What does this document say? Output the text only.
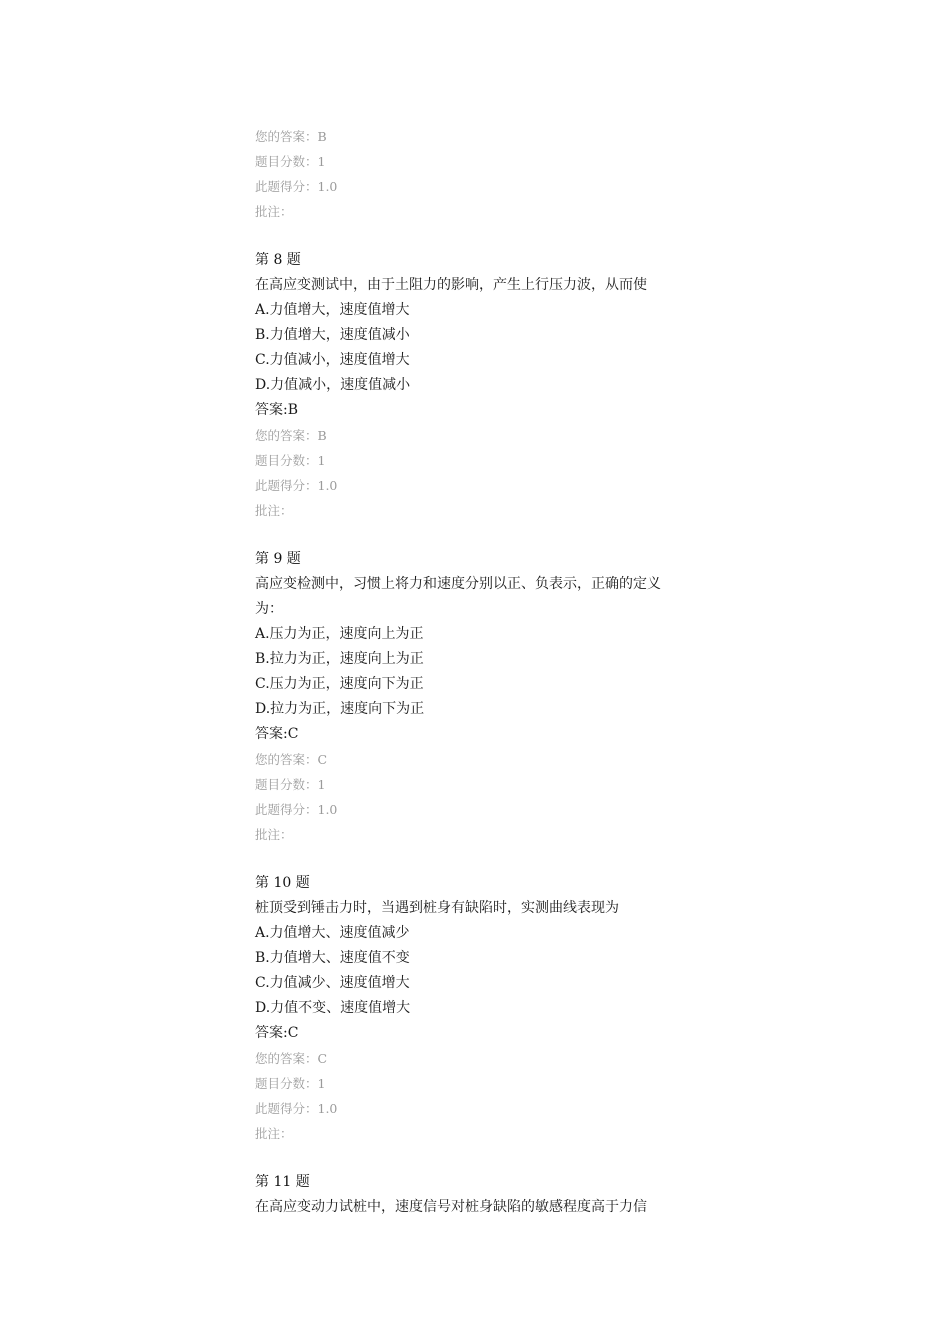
您的答案：B
题目分数：1
此题得分：1.0
批注：
第 8 题
在高应变测试中，由于土阻力的影响，产生上行压力波，从而使
A.力值增大，速度值增大
B.力值增大，速度值减小
C.力值减小，速度值增大
D.力值减小，速度值减小
答案:B
您的答案：B
题目分数：1
此题得分：1.0
批注：
第 9 题
高应变检测中，习惯上将力和速度分别以正、负表示，正确的定义
为：
A.压力为正，速度向上为正
B.拉力为正，速度向上为正
C.压力为正，速度向下为正
D.拉力为正，速度向下为正
答案:C
您的答案：C
题目分数：1
此题得分：1.0
批注：
第 10 题
桩顶受到锤击力时，当遇到桩身有缺陷时，实测曲线表现为
A.力值增大、速度值减少
B.力值增大、速度值不变
C.力值减少、速度值增大
D.力值不变、速度值增大
答案:C
您的答案：C
题目分数：1
此题得分：1.0
批注：
第 11 题
在高应变动力试桩中，速度信号对桩身缺陷的敏感程度高于力信
